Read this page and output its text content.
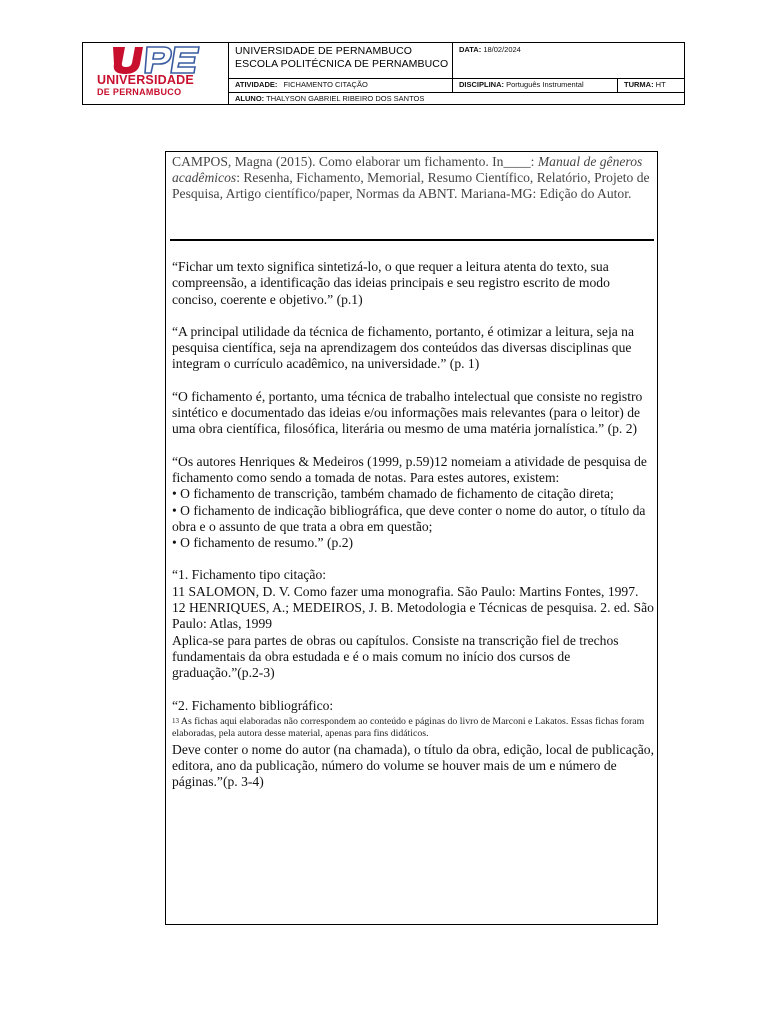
UNIVERSIDADE
DE PERNAMBUCO
UNIVERSIDADE DE PERNAMBUCO
ESCOLA POLITÉCNICA DE PERNAMBUCO
DATA: 18/02/2024
ATIVIDADE: FICHAMENTO CITAÇÃO	DISCIPLINA: Português Instrumental	TURMA: HT
ALUNO: THALYSON GABRIEL RIBEIRO DOS SANTOS
CAMPOS, Magna (2015). Como elaborar um fichamento. In____: Manual de gêneros acadêmicos: Resenha, Fichamento, Memorial, Resumo Científico, Relatório, Projeto de Pesquisa, Artigo científico/paper, Normas da ABNT. Mariana-MG: Edição do Autor.

“Fichar um texto significa sintetizá-lo, o que requer a leitura atenta do texto, sua compreensão, a identificação das ideias principais e seu registro escrito de modo conciso, coerente e objetivo.” (p.1)

“A principal utilidade da técnica de fichamento, portanto, é otimizar a leitura, seja na pesquisa científica, seja na aprendizagem dos conteúdos das diversas disciplinas que integram o currículo acadêmico, na universidade.” (p. 1)

“O fichamento é, portanto, uma técnica de trabalho intelectual que consiste no registro sintético e documentado das ideias e/ou informações mais relevantes (para o leitor) de uma obra científica, filosófica, literária ou mesmo de uma matéria jornalística.” (p. 2)

“Os autores Henriques & Medeiros (1999, p.59)12 nomeiam a atividade de pesquisa de fichamento como sendo a tomada de notas. Para estes autores, existem:

• O fichamento de transcrição, também chamado de fichamento de citação direta;

• O fichamento de indicação bibliográfica, que deve conter o nome do autor, o título da obra e o assunto de que trata a obra em questão;

• O fichamento de resumo.” (p.2)

“1. Fichamento tipo citação:

11 SALOMON, D. V. Como fazer uma monografia. São Paulo: Martins Fontes, 1997. 12 HENRIQUES, A.; MEDEIROS, J. B. Metodologia e Técnicas de pesquisa. 2. ed. São Paulo: Atlas, 1999

Aplica-se para partes de obras ou capítulos. Consiste na transcrição fiel de trechos fundamentais da obra estudada e é o mais comum no início dos cursos de graduação.”(p.2-3)

“2. Fichamento bibliográfico:

$^{13}$ As fichas aqui elaboradas não correspondem ao conteúdo e páginas do livro de Marconi e Lakatos. Essas fichas foram elaboradas, pela autora desse material, apenas para fins didáticos.

Deve conter o nome do autor (na chamada), o título da obra, edição, local de publicação, editora, ano da publicação, número do volume se houver mais de um e número de páginas.”(p. 3-4)
